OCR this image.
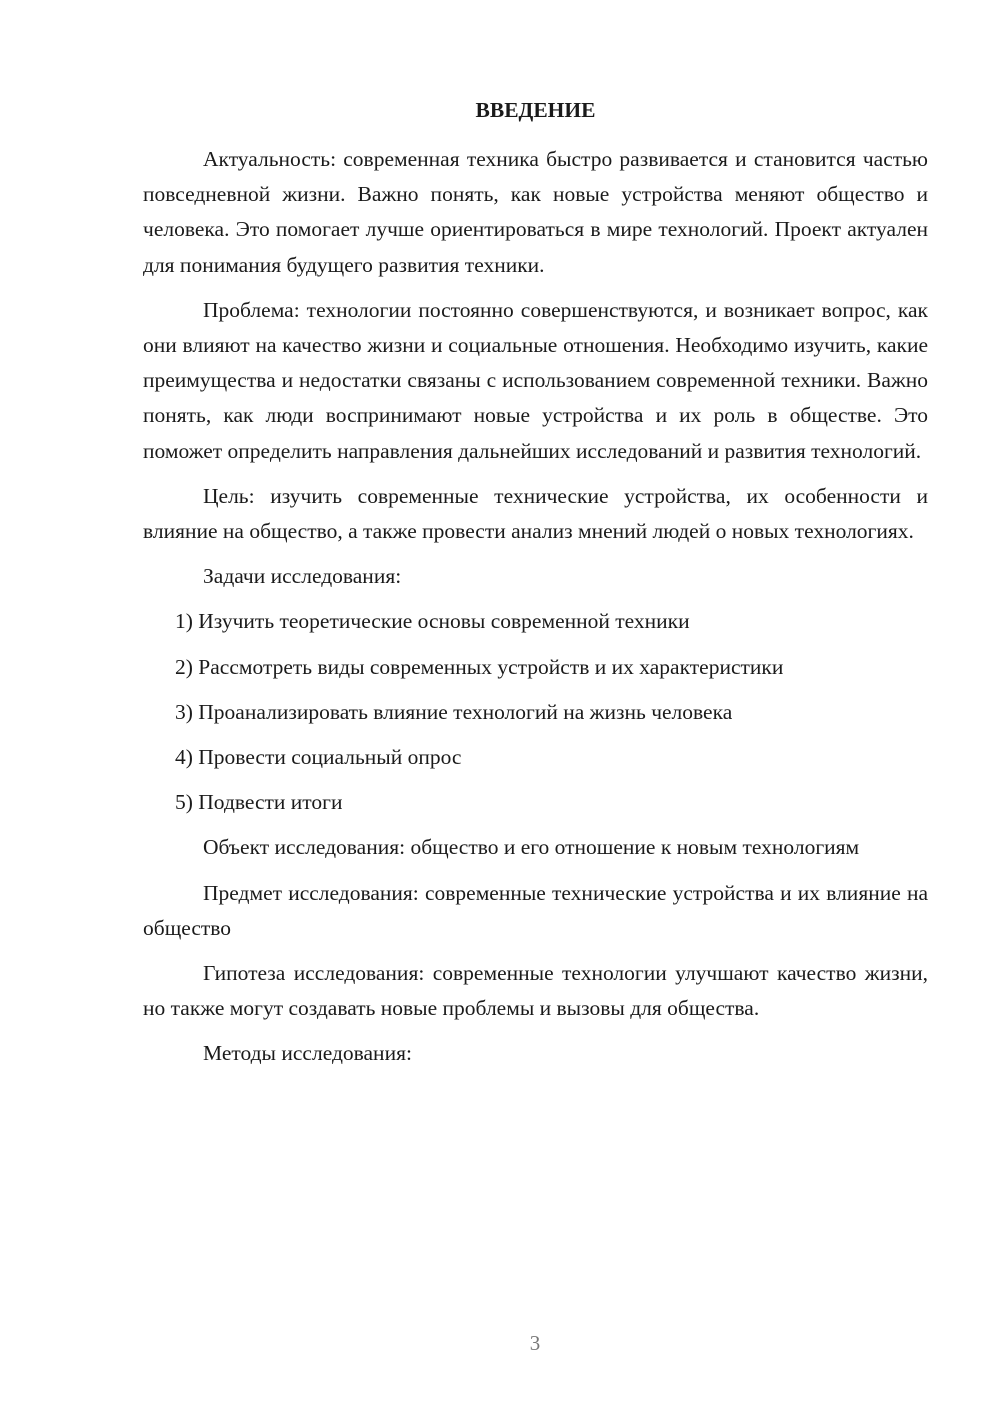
ВВЕДЕНИЕ

Актуальность: современная техника быстро развивается и становится частью повседневной жизни. Важно понять, как новые устройства меняют общество и человека. Это помогает лучше ориентироваться в мире технологий. Проект актуален для понимания будущего развития техники.

Проблема: технологии постоянно совершенствуются, и возникает вопрос, как они влияют на качество жизни и социальные отношения. Необходимо изучить, какие преимущества и недостатки связаны с использованием современной техники. Важно понять, как люди воспринимают новые устройства и их роль в обществе. Это поможет определить направления дальнейших исследований и развития технологий.

Цель: изучить современные технические устройства, их особенности и влияние на общество, а также провести анализ мнений людей о новых технологиях.

Задачи исследования:

1) Изучить теоретические основы современной техники

2) Рассмотреть виды современных устройств и их характеристики

3) Проанализировать влияние технологий на жизнь человека

4) Провести социальный опрос

5) Подвести итоги

Объект исследования: общество и его отношение к новым технологиям

Предмет исследования: современные технические устройства и их влияние на общество

Гипотеза исследования: современные технологии улучшают качество жизни, но также могут создавать новые проблемы и вызовы для общества.

Методы исследования:

3
